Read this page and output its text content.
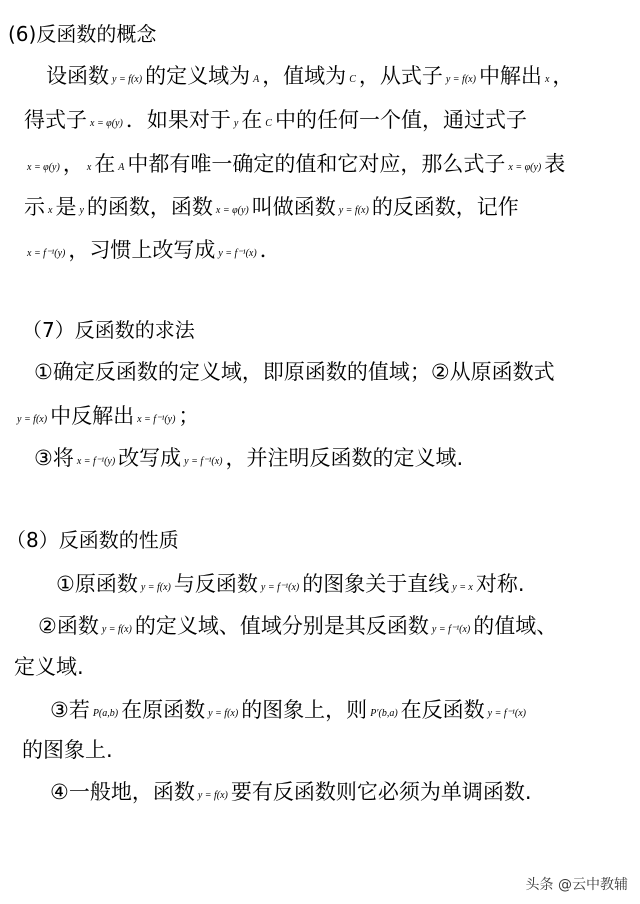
(6)反函数的概念
设函数 y = f(x) 的定义域为 A ，值域为 C ，从式子 y = f(x) 中解出 x ，
得式子 x = φ(y) ．如果对于 y 在 C 中的任何一个值，通过式子
x = φ(y) ， x 在 A 中都有唯一确定的值和它对应，那么式子 x = φ(y) 表
示x 是 y 的函数，函数 x = φ(y) 叫做函数 y = f(x) 的反函数，记作
x = f⁻¹(y) ，习惯上改写成 y = f⁻¹(x) ．
（7）反函数的求法
①确定反函数的定义域，即原函数的值域；②从原函数式
y = f(x) 中反解出 x = f⁻¹(y) ；
③将 x = f⁻¹(y) 改写成 y = f⁻¹(x) ，并注明反函数的定义域.
（8）反函数的性质
①原函数 y = f(x) 与反函数 y = f⁻¹(x) 的图象关于直线 y = x 对称.
②函数 y = f(x) 的定义域、值域分别是其反函数 y = f⁻¹(x) 的值域、
定义域.
③若 P(a,b) 在原函数 y = f(x) 的图象上，则 P′(b,a) 在反函数 y = f⁻¹(x)
的图象上.
④一般地，函数 y = f(x) 要有反函数则它必须为单调函数.
头条 @云中教辅
